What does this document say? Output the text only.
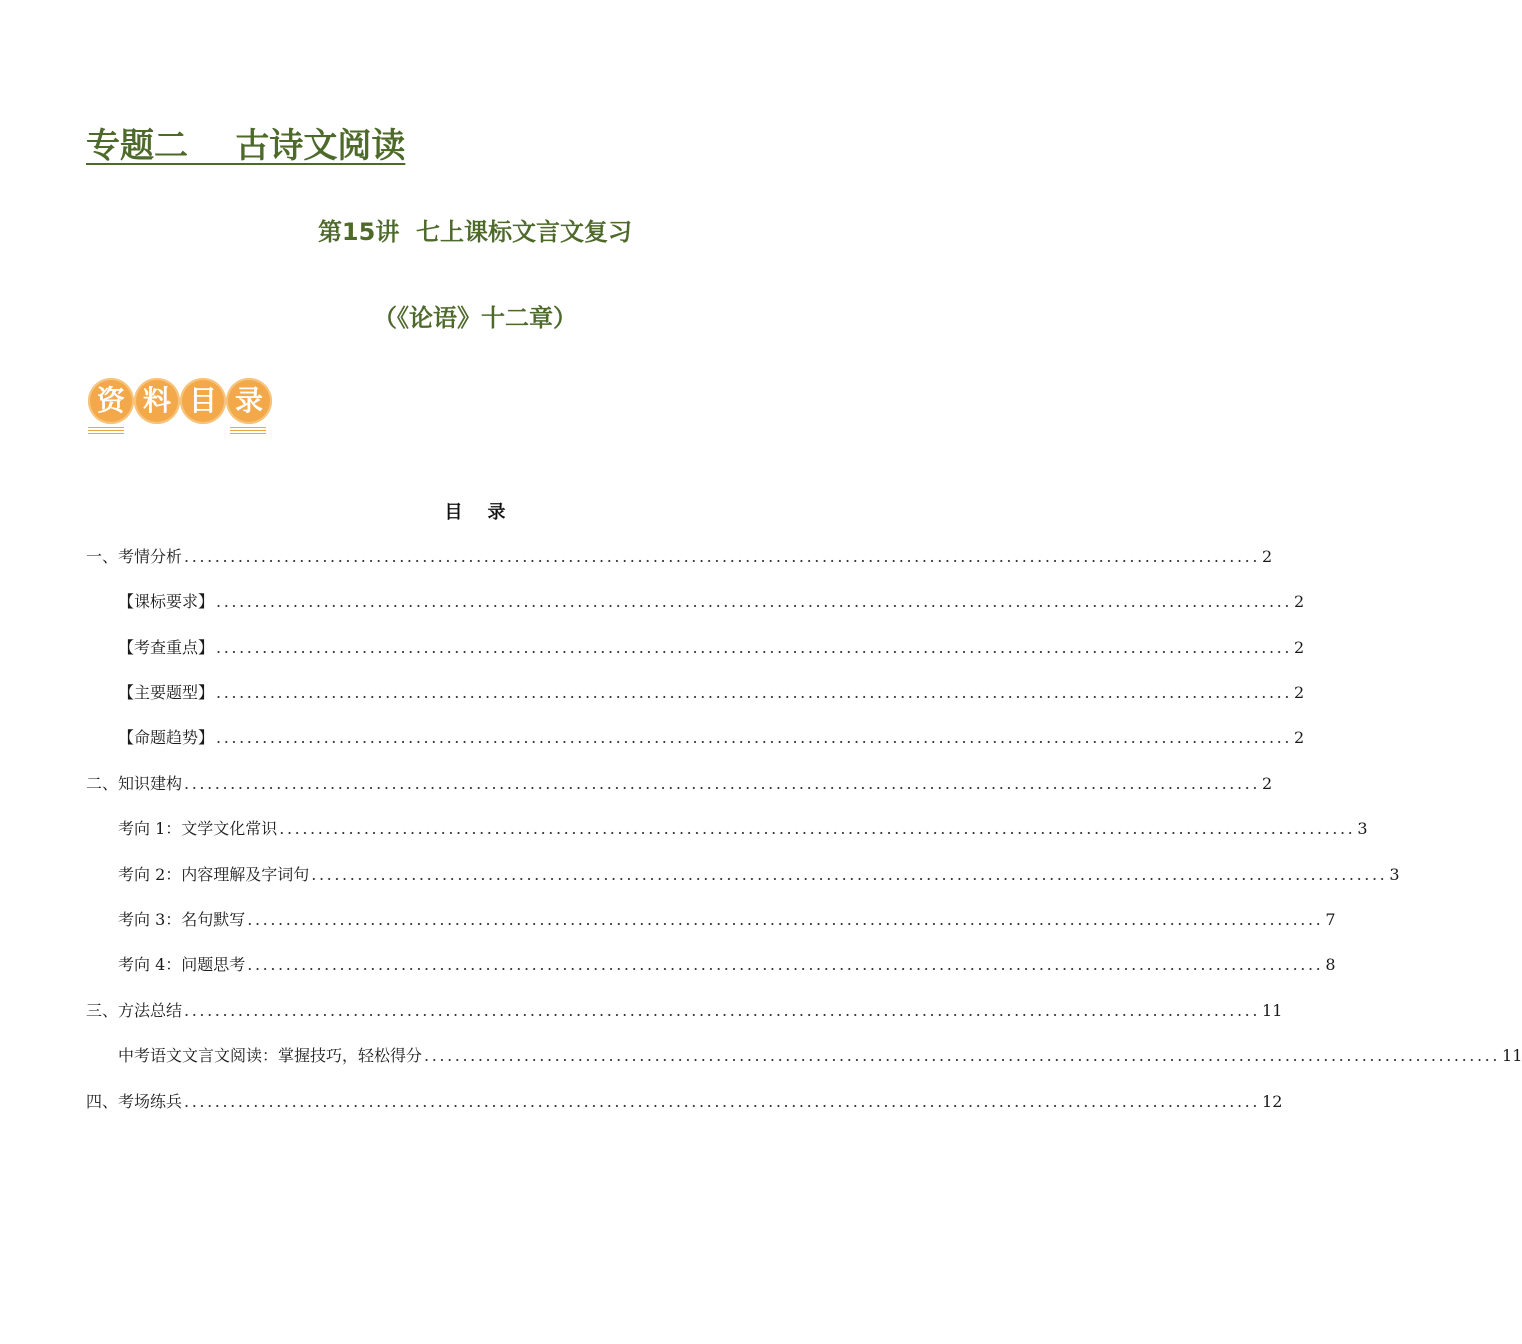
专题二    古诗文阅读
第15讲  七上课标文言文复习
（《论语》十二章）
资 料 目 录
目    录
一、考情分析 ............................................................................................................................................ 2
【课标要求】 ............................................................................................................................................ 2
【考查重点】 ............................................................................................................................................ 2
【主要题型】 ............................................................................................................................................ 2
【命题趋势】 ............................................................................................................................................ 2
二、知识建构 ............................................................................................................................................ 2
考向 1：文学文化常识 ............................................................................................................................................ 3
考向 2：内容理解及字词句 ............................................................................................................................................ 3
考向 3：名句默写 ............................................................................................................................................ 7
考向 4：问题思考 ............................................................................................................................................ 8
三、方法总结 ............................................................................................................................................ 11
中考语文文言文阅读：掌握技巧，轻松得分 ............................................................................................................................................ 11
四、考场练兵 ............................................................................................................................................ 12
